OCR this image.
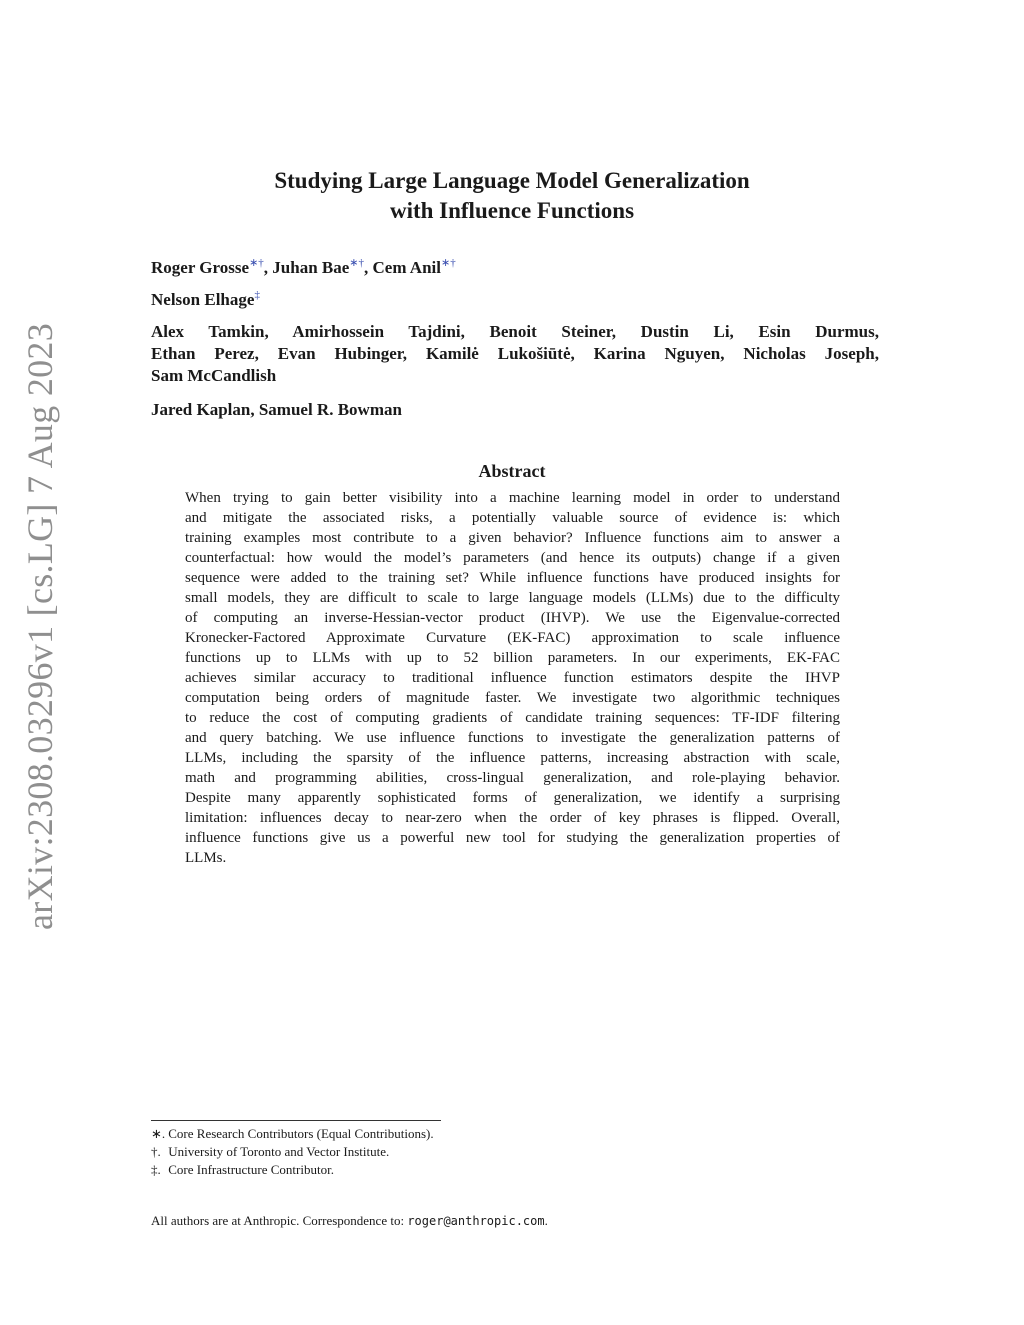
arXiv:2308.03296v1 [cs.LG] 7 Aug 2023
Studying Large Language Model Generalization
with Influence Functions
Roger Grosse∗†, Juhan Bae∗†, Cem Anil∗†
Nelson Elhage‡
Alex Tamkin, Amirhossein Tajdini, Benoit Steiner, Dustin Li, Esin Durmus,
Ethan Perez, Evan Hubinger, Kamilė Lukošiūtė, Karina Nguyen, Nicholas Joseph,
Sam McCandlish
Jared Kaplan, Samuel R. Bowman
Abstract
When trying to gain better visibility into a machine learning model in order to understand
and mitigate the associated risks, a potentially valuable source of evidence is: which
training examples most contribute to a given behavior? Influence functions aim to answer a
counterfactual: how would the model’s parameters (and hence its outputs) change if a given
sequence were added to the training set? While influence functions have produced insights for
small models, they are difficult to scale to large language models (LLMs) due to the difficulty
of computing an inverse-Hessian-vector product (IHVP). We use the Eigenvalue-corrected
Kronecker-Factored Approximate Curvature (EK-FAC) approximation to scale influence
functions up to LLMs with up to 52 billion parameters. In our experiments, EK-FAC
achieves similar accuracy to traditional influence function estimators despite the IHVP
computation being orders of magnitude faster. We investigate two algorithmic techniques
to reduce the cost of computing gradients of candidate training sequences: TF-IDF filtering
and query batching. We use influence functions to investigate the generalization patterns of
LLMs, including the sparsity of the influence patterns, increasing abstraction with scale,
math and programming abilities, cross-lingual generalization, and role-playing behavior.
Despite many apparently sophisticated forms of generalization, we identify a surprising
limitation: influences decay to near-zero when the order of key phrases is flipped. Overall,
influence functions give us a powerful new tool for studying the generalization properties of
LLMs.
∗. Core Research Contributors (Equal Contributions).
†. University of Toronto and Vector Institute.
‡. Core Infrastructure Contributor.
All authors are at Anthropic. Correspondence to: roger@anthropic.com.
